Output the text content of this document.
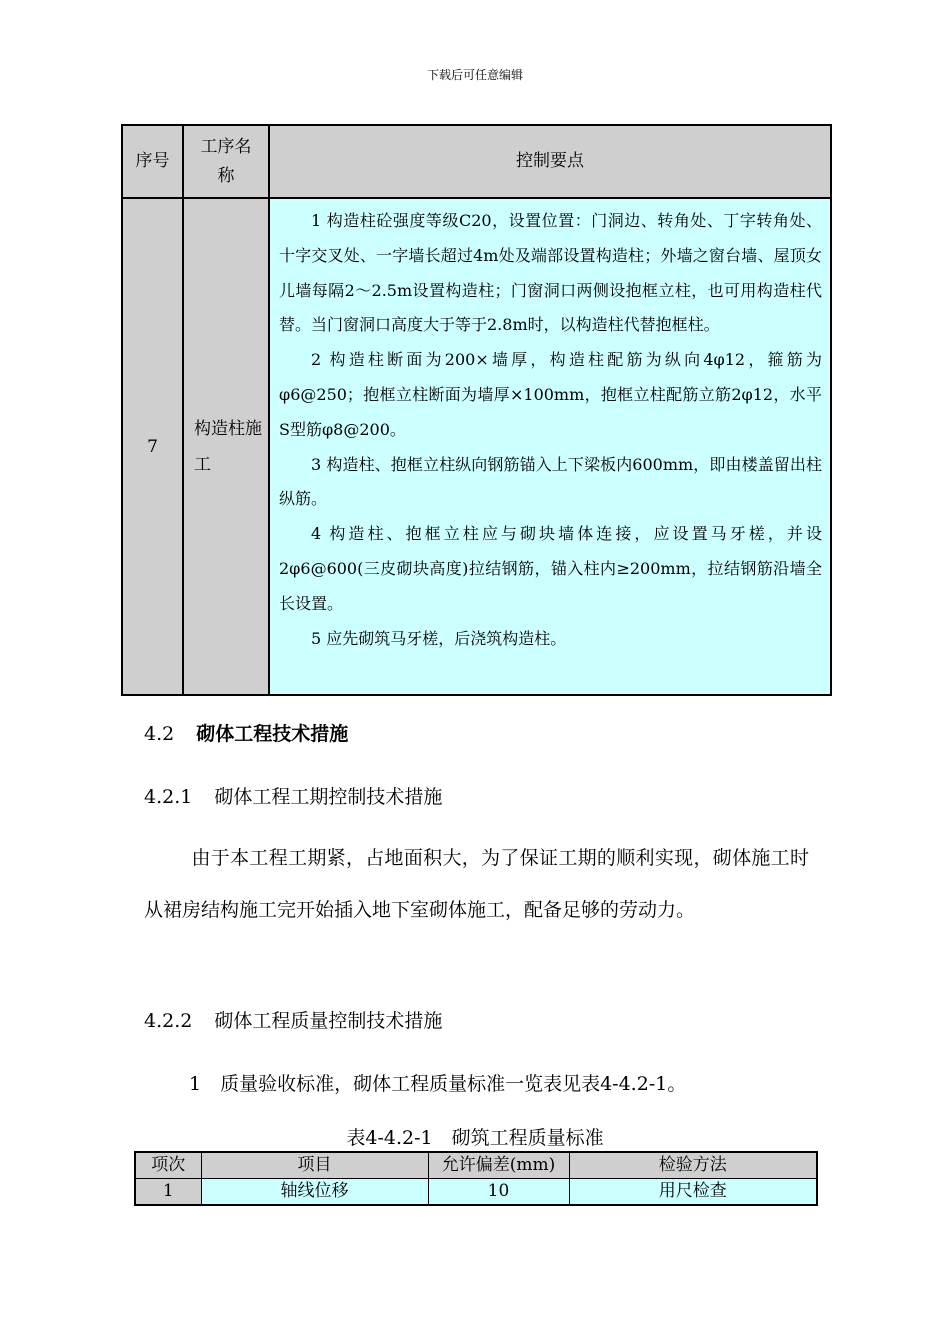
下载后可任意编辑
序号	工序名称	控制要点
7	构造柱施工	1 构造柱砼强度等级C20，设置位置：门洞边、转角处、丁字转角处、十字交叉处、一字墙长超过4m处及端部设置构造柱；外墙之窗台墙、屋顶女儿墙每隔2～2.5m设置构造柱；门窗洞口两侧设抱框立柱，也可用构造柱代替。当门窗洞口高度大于等于2.8m时，以构造柱代替抱框柱。

2 构造柱断面为200×墙厚，构造柱配筋为纵向4φ12，箍筋为φ6@250；抱框立柱断面为墙厚×100mm，抱框立柱配筋立筋2φ12，水平S型筋φ8@200。

3 构造柱、抱框立柱纵向钢筋锚入上下梁板内600mm，即由楼盖留出柱纵筋。

4 构造柱、抱框立柱应与砌块墙体连接，应设置马牙槎，并设2φ6@600(三皮砌块高度)拉结钢筋，锚入柱内≥200mm，拉结钢筋沿墙全长设置。

5 应先砌筑马牙槎，后浇筑构造柱。

4.2 砌体工程技术措施
4.2.1 砌体工程工期控制技术措施
由于本工程工期紧，占地面积大，为了保证工期的顺利实现，砌体施工时从裙房结构施工完开始插入地下室砌体施工，配备足够的劳动力。
4.2.2 砌体工程质量控制技术措施
1　质量验收标准，砌体工程质量标准一览表见表4-4.2-1。
表4-4.2-1　砌筑工程质量标准
项次	项目	允许偏差(mm)	检验方法
1	轴线位移	10	用尺检查
